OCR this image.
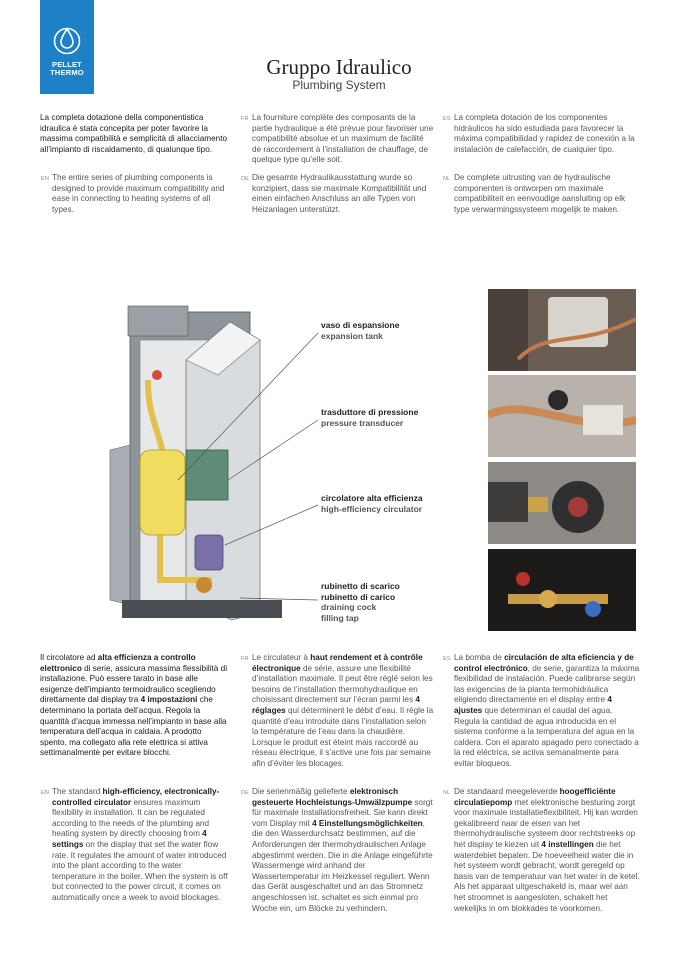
PELLET
THERMO	Gruppo Idraulico
Plumbing System
La completa dotazione della componentistica idraulica è stata concepita per poter favorire la massima compatibilità e semplicità di allacciamento all’impianto di riscaldamento, di qualunque tipo.
EN The entire series of plumbing components is designed to provide maximum compatibility and ease in connecting to heating systems of all types.
FR La fourniture complète des composants de la partie hydraulique a été prévue pour favoriser une compatibilité absolue et un maximum de facilité de raccordement à l’installation de chauffage, de quelque type qu’elle soit.
DE Die gesamte Hydraulikausstattung wurde so konzipiert, dass sie maximale Kompatibilität und einen einfachen Anschluss an alle Typen von Heizanlagen unterstützt.
ES La completa dotación de los componentes hidráulicos ha sido estudiada para favorecer la máxima compatibilidad y rapidez de conexión a la instalación de calefacción, de cualquier tipo.
NL De complete uitrusting van de hydraulische componenten is ontworpen om maximale compatibiliteit en eenvoudige aansluiting op elk type verwarmingssysteem mogelijk te maken.
vaso di espansione
expansion tank
trasduttore di pressione
pressure transducer
circolatore alta efficienza
high-efficiency circulator
rubinetto di scarico
rubinetto di carico
draining cock
filling tap
Il circolatore ad alta efficienza a controllo elettronico di serie, assicura massima flessibilità di installazione. Può essere tarato in base alle esigenze dell’impianto termoidraulico scegliendo direttamente dal display tra 4 impostazioni che determinano la portata dell’acqua. Regola la quantità d’acqua immessa nell’impianto in base alla temperatura dell’acqua in caldaia. A prodotto spento, ma collegato alla rete elettrica si attiva settimanalmente per evitare blocchi.
EN The standard high-efficiency, electronically-controlled circulator ensures maximum flexibility in installation. It can be regulated according to the needs of the plumbing and heating system by directly choosing from 4 settings on the display that set the water flow rate. It regulates the amount of water introduced into the plant according to the water temperature in the boiler. When the system is off but connected to the power circuit, it comes on automatically once a week to avoid blockages.
FR Le circulateur à haut rendement et à contrôle électronique de série, assure une flexibilité d’installation maximale. Il peut être réglé selon les besoins de l’installation thermohydraulique en choisissant directement sur l’écran parmi les 4 réglages qui déterminent le débit d’eau. Il règle la quantité d’eau introduite dans l’installation selon la température de l’eau dans la chaudière. Lorsque le produit est éteint mais raccordé au réseau électrique, il s’active une fois par semaine afin d’éviter les blocages.
DE Die serienmäßig gelieferte elektronisch gesteuerte Hochleistungs-Umwälzpumpe sorgt für maximale Installationsfreiheit. Sie kann direkt vom Display mit 4 Einstellungsmöglichkeiten, die den Wasserdurchsatz bestimmen, auf die Anforderungen der thermohydraulischen Anlage abgestimmt werden. Die in die Anlage eingeführte Wassermenge wird anhand der Wassertemperatur im Heizkessel reguliert. Wenn das Gerät ausgeschaltet und an das Stromnetz angeschlossen ist, schaltet es sich einmal pro Woche ein, um Blöcke zu verhindern.
ES La bomba de circulación de alta eficiencia y de control electrónico, de serie, garantiza la máxima flexibilidad de instalación. Puede calibrarse según las exigencias de la planta termohidráulica eligiendo directamente en el display entre 4 ajustes que determinan el caudal del agua. Regula la cantidad de agua introducida en el sistema conforme a la temperatura del agua en la caldera. Con el aparato apagado pero conectado a la red eléctrica, se activa semanalmente para evitar bloqueos.
NL De standaard meegeleverde hoogefficiënte circulatiepomp met elektronische besturing zorgt voor maximale installatieflexibiliteit. Hij kan worden gekalibreerd naar de eisen van het thermohydraulische systeem door rechtstreeks op het display te kiezen uit 4 instellingen die het waterdebiet bepalen. De hoeveelheid water die in het systeem wordt gebracht, wordt geregeld op basis van de temperatuur van het water in de ketel. Als het apparaat uitgeschakeld is, maar wel aan het stroomnet is aangesloten, schakelt het wekelijks in om blokkades te voorkomen.
